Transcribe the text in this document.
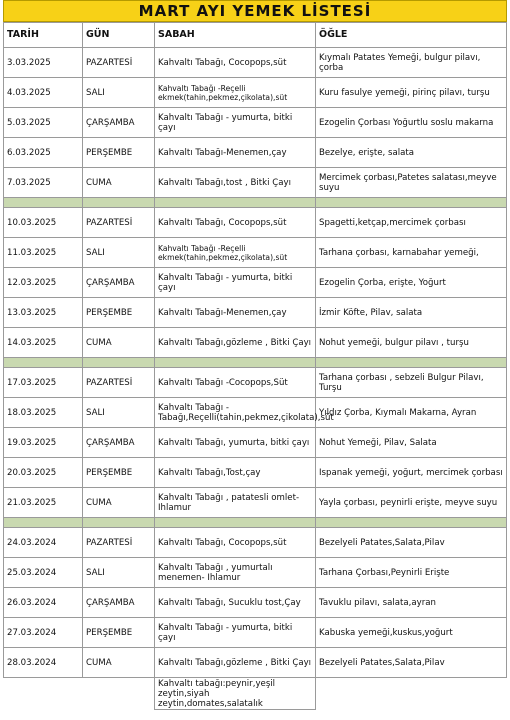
MART AYI YEMEK LİSTESİ
TARİH	GÜN	SABAH	ÖĞLE
3.03.2025	PAZARTESİ	Kahvaltı Tabağı, Cocopops,süt	Kıymalı Patates Yemeği, bulgur pilavı, çorba
4.03.2025	SALI	Kahvaltı Tabağı -Reçelli ekmek(tahin,pekmez,çikolata),süt	Kuru fasulye yemeği, pirinç pilavı, turşu
5.03.2025	ÇARŞAMBA	Kahvaltı Tabağı - yumurta, bitki çayı	Ezogelin Çorbası Yoğurtlu soslu makarna
6.03.2025	PERŞEMBE	Kahvaltı Tabağı-Menemen,çay	Bezelye, erişte, salata
7.03.2025	CUMA	Kahvaltı Tabağı,tost , Bitki Çayı	Mercimek çorbası,Patetes salatası,meyve suyu

10.03.2025	PAZARTESİ	Kahvaltı Tabağı, Cocopops,süt	Spagetti,ketçap,mercimek çorbası
11.03.2025	SALI	Kahvaltı Tabağı -Reçelli ekmek(tahin,pekmez,çikolata),süt	Tarhana çorbası, karnabahar yemeği,
12.03.2025	ÇARŞAMBA	Kahvaltı Tabağı - yumurta, bitki çayı	Ezogelin Çorba, erişte, Yoğurt
13.03.2025	PERŞEMBE	Kahvaltı Tabağı-Menemen,çay	İzmir Köfte, Pilav, salata
14.03.2025	CUMA	Kahvaltı Tabağı,gözleme , Bitki Çayı	Nohut yemeği, bulgur pilavı , turşu

17.03.2025	PAZARTESİ	Kahvaltı Tabağı -Cocopops,Süt	Tarhana çorbası , sebzeli Bulgur Pilavı, Turşu
18.03.2025	SALI	Kahvaltı Tabağı - Tabağı,Reçelli(tahin,pekmez,çikolata),süt	Yıldız Çorba, Kıymalı Makarna, Ayran
19.03.2025	ÇARŞAMBA	Kahvaltı Tabağı, yumurta, bitki çayı	Nohut Yemeği, Pilav, Salata
20.03.2025	PERŞEMBE	Kahvaltı Tabağı,Tost,çay	Ispanak yemeği, yoğurt, mercimek çorbası
21.03.2025	CUMA	Kahvaltı Tabağı , patatesli omlet- Ihlamur	Yayla çorbası, peynirli erişte, meyve suyu

24.03.2024	PAZARTESİ	Kahvaltı Tabağı, Cocopops,süt	Bezelyeli Patates,Salata,Pilav
25.03.2024	SALI	Kahvaltı Tabağı , yumurtalı menemen- Ihlamur	Tarhana Çorbası,Peynirli Erişte
26.03.2024	ÇARŞAMBA	Kahvaltı Tabağı, Sucuklu tost,Çay	Tavuklu pilavı, salata,ayran
27.03.2024	PERŞEMBE	Kahvaltı Tabağı - yumurta, bitki çayı	Kabuska yemeği,kuskus,yoğurt
28.03.2024	CUMA	Kahvaltı Tabağı,gözleme , Bitki Çayı	Bezelyeli Patates,Salata,Pilav
		Kahvaltı tabağı:peynir,yeşil zeytin,siyah zeytin,domates,salatalık	
